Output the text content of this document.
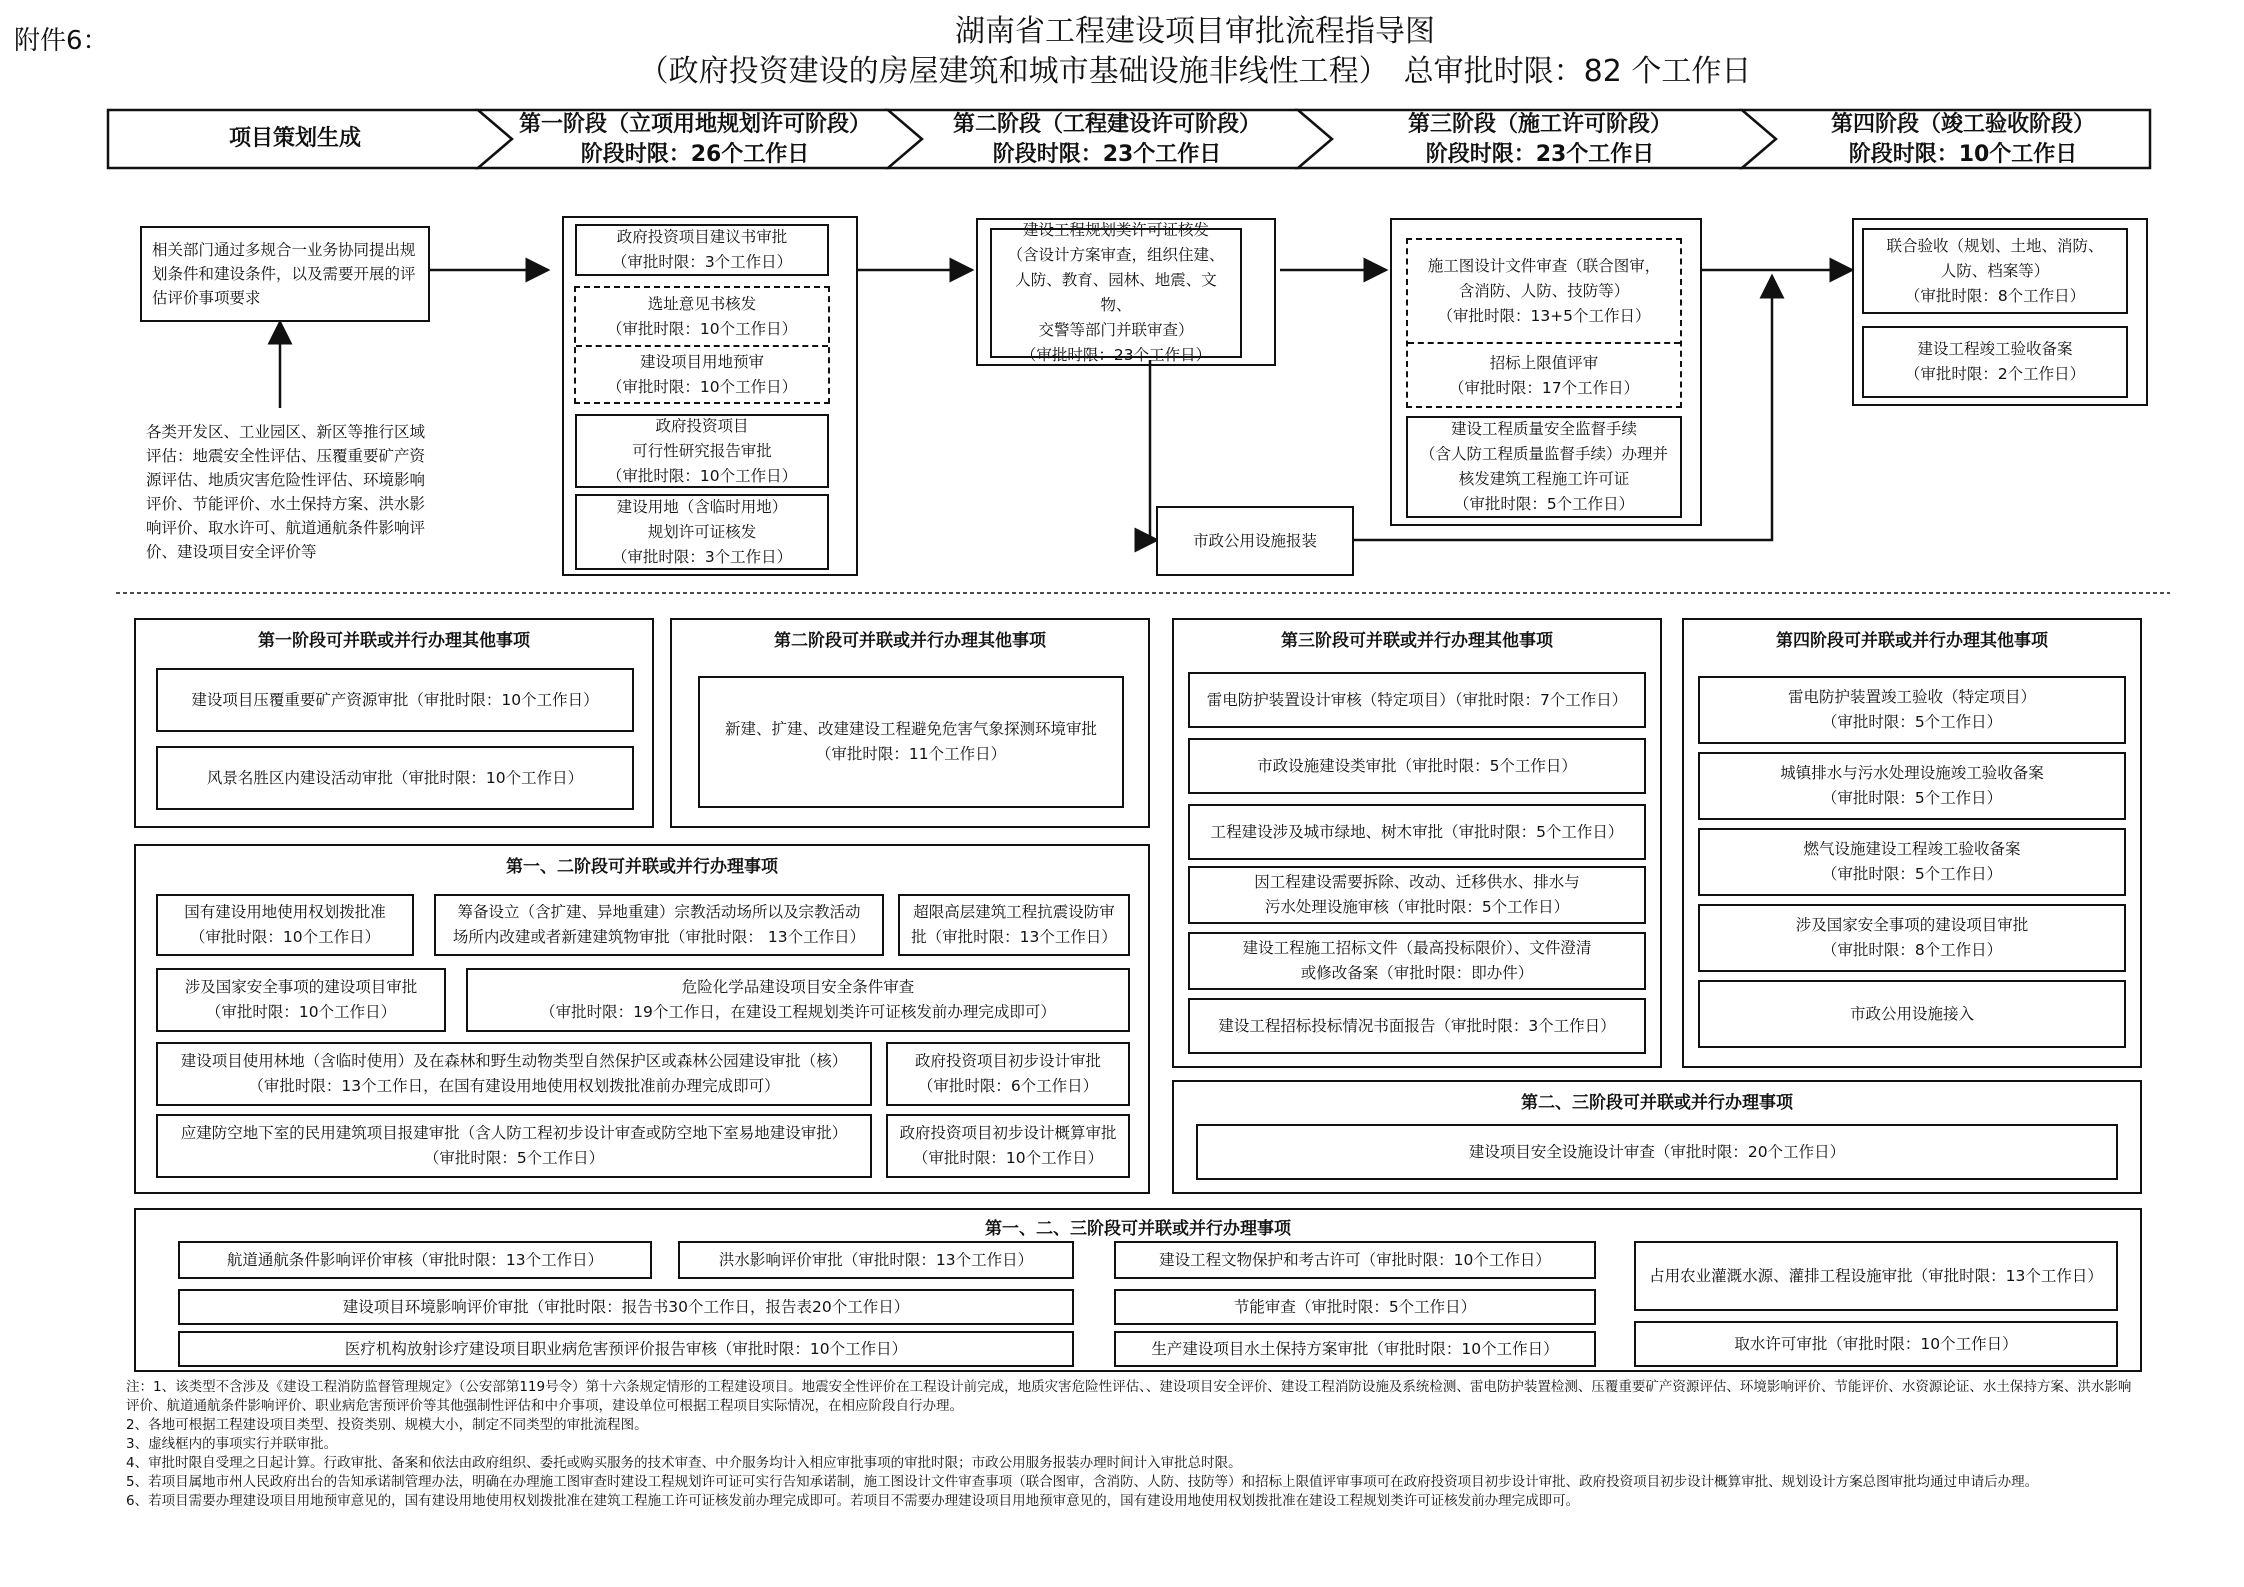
附件6：	湖南省工程建设项目审批流程指导图
（政府投资建设的房屋建筑和城市基础设施非线性工程）　总审批时限：82 个工作日
项目策划生成
第一阶段（立项用地规划许可阶段）
阶段时限：26个工作日
第二阶段（工程建设许可阶段）
阶段时限：23个工作日
第三阶段（施工许可阶段）
阶段时限：23个工作日
第四阶段（竣工验收阶段）
阶段时限：10个工作日
相关部门通过多规合一业务协同提出规划条件和建设条件，以及需要开展的评估评价事项要求
各类开发区、工业园区、新区等推行区域评估：地震安全性评估、压覆重要矿产资源评估、地质灾害危险性评估、环境影响评价、节能评价、水土保持方案、洪水影响评价、取水许可、航道通航条件影响评价、建设项目安全评价等
政府投资项目建议书审批
（审批时限：3个工作日）
选址意见书核发
（审批时限：10个工作日）
建设项目用地预审
（审批时限：10个工作日）
政府投资项目
可行性研究报告审批
（审批时限：10个工作日）
建设用地（含临时用地）
规划许可证核发
（审批时限：3个工作日）
建设工程规划类许可证核发
（含设计方案审查，组织住建、
人防、教育、园林、地震、文物、
交警等部门并联审查）
（审批时限：23个工作日）
施工图设计文件审查（联合图审，
含消防、人防、技防等）
（审批时限：13+5个工作日）
招标上限值评审
（审批时限：17个工作日）
建设工程质量安全监督手续
（含人防工程质量监督手续）办理并
核发建筑工程施工许可证
（审批时限：5个工作日）
市政公用设施报装
联合验收（规划、土地、消防、
人防、档案等）
（审批时限：8个工作日）
建设工程竣工验收备案
（审批时限：2个工作日）
第一阶段可并联或并行办理其他事项
建设项目压覆重要矿产资源审批（审批时限：10个工作日）
风景名胜区内建设活动审批（审批时限：10个工作日）
第二阶段可并联或并行办理其他事项
新建、扩建、改建建设工程避免危害气象探测环境审批
（审批时限：11个工作日）
第三阶段可并联或并行办理其他事项
雷电防护装置设计审核（特定项目）（审批时限：7个工作日）
市政设施建设类审批（审批时限：5个工作日）
工程建设涉及城市绿地、树木审批（审批时限：5个工作日）
因工程建设需要拆除、改动、迁移供水、排水与
污水处理设施审核（审批时限：5个工作日）
建设工程施工招标文件（最高投标限价）、文件澄清
或修改备案（审批时限：即办件）
建设工程招标投标情况书面报告（审批时限：3个工作日）
第四阶段可并联或并行办理其他事项
雷电防护装置竣工验收（特定项目）
（审批时限：5个工作日）
城镇排水与污水处理设施竣工验收备案
（审批时限：5个工作日）
燃气设施建设工程竣工验收备案
（审批时限：5个工作日）
涉及国家安全事项的建设项目审批
（审批时限：8个工作日）
市政公用设施接入
第一、二阶段可并联或并行办理事项
国有建设用地使用权划拨批准
（审批时限：10个工作日）
筹备设立（含扩建、异地重建）宗教活动场所以及宗教活动
场所内改建或者新建建筑物审批（审批时限： 13个工作日）
超限高层建筑工程抗震设防审
批（审批时限：13个工作日）
涉及国家安全事项的建设项目审批
（审批时限：10个工作日）
危险化学品建设项目安全条件审查
（审批时限：19个工作日，在建设工程规划类许可证核发前办理完成即可）
建设项目使用林地（含临时使用）及在森林和野生动物类型自然保护区或森林公园建设审批（核）
（审批时限：13个工作日，在国有建设用地使用权划拨批准前办理完成即可）
政府投资项目初步设计审批
（审批时限：6个工作日）
应建防空地下室的民用建筑项目报建审批（含人防工程初步设计审查或防空地下室易地建设审批）
（审批时限：5个工作日）
政府投资项目初步设计概算审批
（审批时限：10个工作日）
第二、三阶段可并联或并行办理事项
建设项目安全设施设计审查（审批时限：20个工作日）
第一、二、三阶段可并联或并行办理事项
航道通航条件影响评价审核（审批时限：13个工作日）	洪水影响评价审批（审批时限：13个工作日）	建设工程文物保护和考古许可（审批时限：10个工作日）
占用农业灌溉水源、灌排工程设施审批（审批时限：13个工作日）
建设项目环境影响评价审批（审批时限：报告书30个工作日，报告表20个工作日）	节能审查（审批时限：5个工作日）
医疗机构放射诊疗建设项目职业病危害预评价报告审核（审批时限：10个工作日）	生产建设项目水土保持方案审批（审批时限：10个工作日）	取水许可审批（审批时限：10个工作日）
注：1、该类型不含涉及《建设工程消防监督管理规定》（公安部第119号令）第十六条规定情形的工程建设项目。地震安全性评价在工程设计前完成，地质灾害危险性评估、、建设项目安全评价、建设工程消防设施及系统检测、雷电防护装置检测、压覆重要矿产资源评估、环境影响评价、节能评价、水资源论证、水土保持方案、洪水影响评价、航道通航条件影响评价、职业病危害预评价等其他强制性评估和中介事项，建设单位可根据工程项目实际情况，在相应阶段自行办理。
2、各地可根据工程建设项目类型、投资类别、规模大小，制定不同类型的审批流程图。
3、虚线框内的事项实行并联审批。
4、审批时限自受理之日起计算。行政审批、备案和依法由政府组织、委托或购买服务的技术审查、中介服务均计入相应审批事项的审批时限；市政公用服务报装办理时间计入审批总时限。
5、若项目属地市州人民政府出台的告知承诺制管理办法，明确在办理施工图审查时建设工程规划许可证可实行告知承诺制，施工图设计文件审查事项（联合图审，含消防、人防、技防等）和招标上限值评审事项可在政府投资项目初步设计审批、政府投资项目初步设计概算审批、规划设计方案总图审批均通过申请后办理。
6、若项目需要办理建设项目用地预审意见的，国有建设用地使用权划拨批准在建筑工程施工许可证核发前办理完成即可。若项目不需要办理建设项目用地预审意见的，国有建设用地使用权划拨批准在建设工程规划类许可证核发前办理完成即可。
